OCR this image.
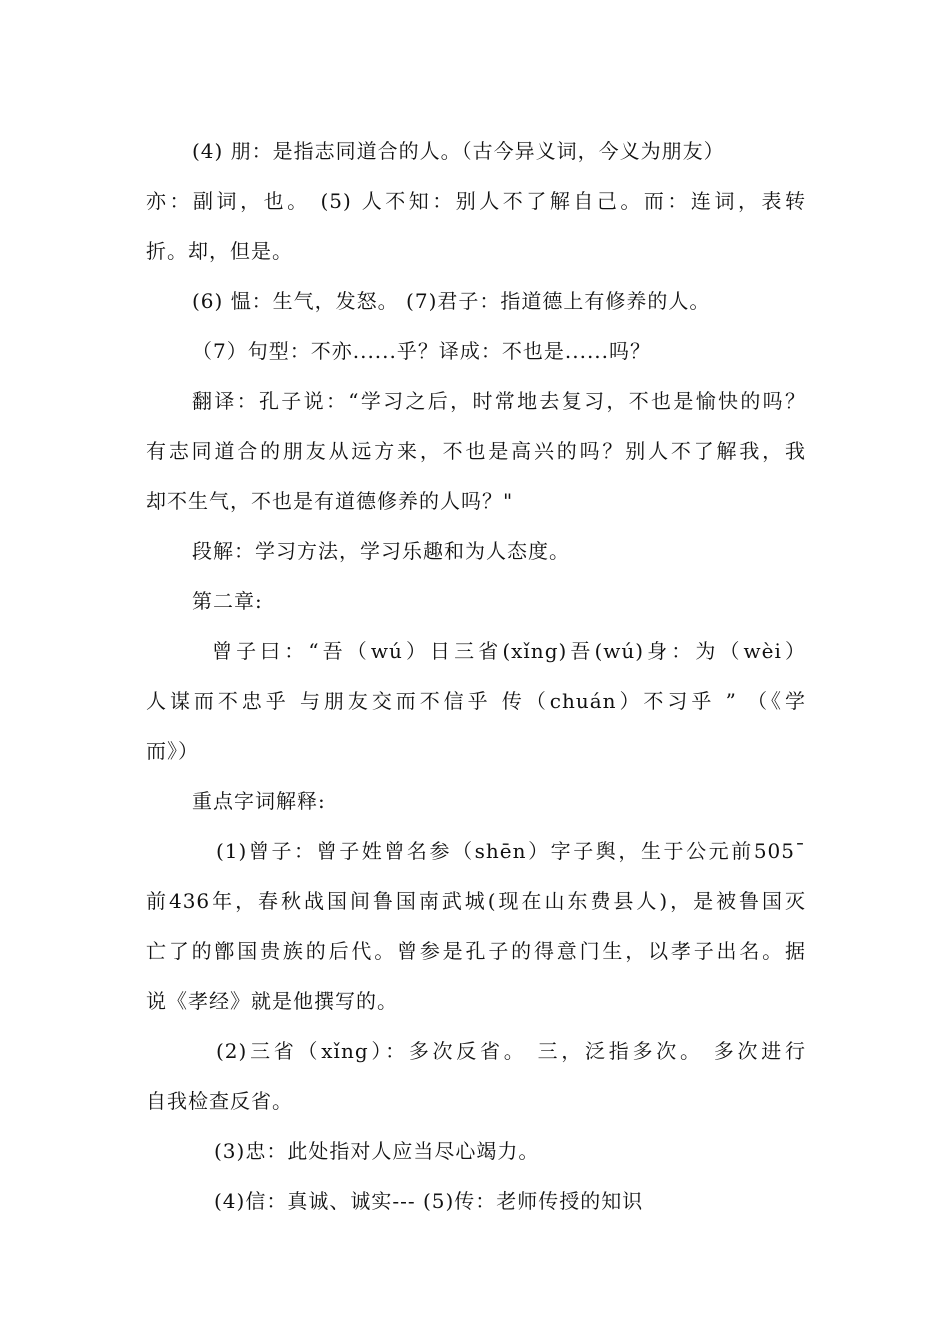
(4) 朋：是指志同道合的人。（古今异义词，今义为朋友）
亦：副词，也。 (5) 人不知：别人不了解自己。而：连词，表转
折。却，但是。
(6) 愠：生气，发怒。 (7)君子：指道德上有修养的人。
（7）句型：不亦......乎？译成：不也是......吗？
翻译：孔子说：“学习之后，时常地去复习，不也是愉快的吗？
有志同道合的朋友从远方来，不也是高兴的吗？别人不了解我，我
却不生气，不也是有道德修养的人吗？"
段解：学习方法，学习乐趣和为人态度。
第二章:
曾子曰：“吾（wú）日三省(xǐng)吾(wú)身：为（wèi）
人谋而不忠乎 与朋友交而不信乎 传（chuán）不习乎 ” （《学
而》）
重点字词解释:
(1)曾子：曾子姓曾名参（shēn）字子舆，生于公元前505¯
前436年，春秋战国间鲁国南武城(现在山东费县人)，是被鲁国灭
亡了的鄫国贵族的后代。曾参是孔子的得意门生，以孝子出名。据
说《孝经》就是他撰写的。
(2)三省（xǐng）：多次反省。 三，泛指多次。 多次进行
自我检查反省。
(3)忠：此处指对人应当尽心竭力。
(4)信：真诚、诚实--- (5)传：老师传授的知识
